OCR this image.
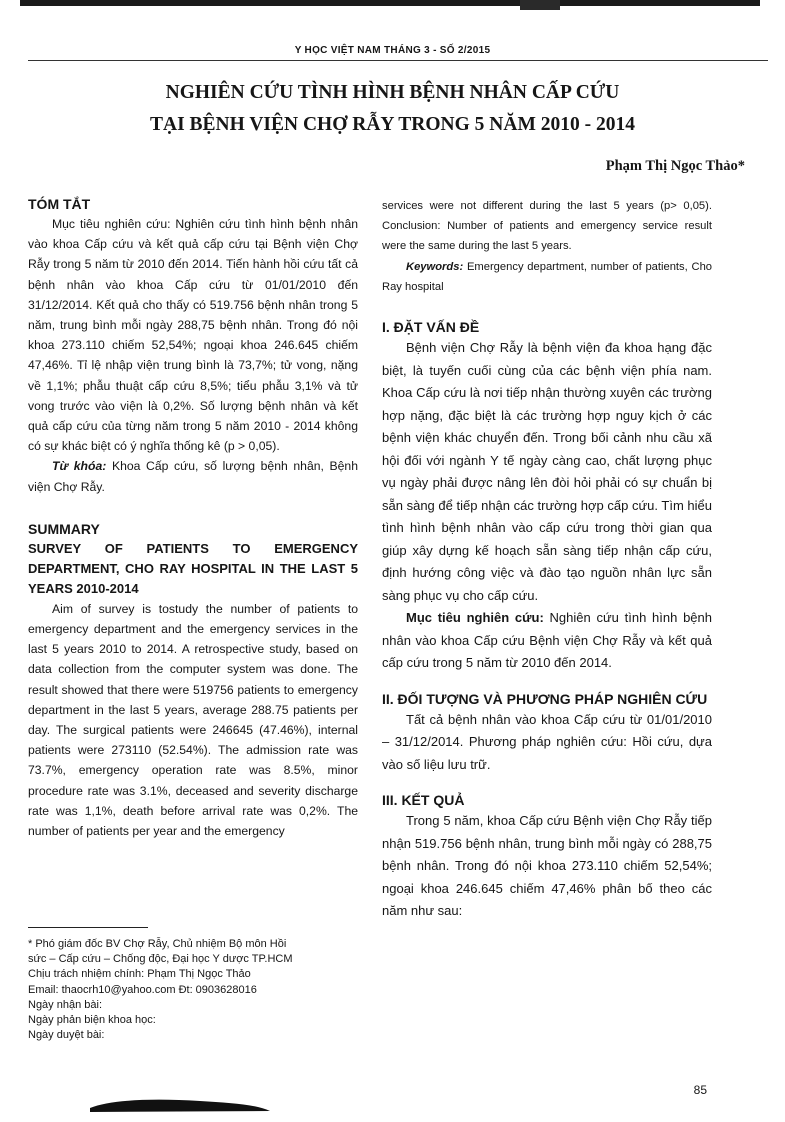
Y HỌC VIỆT NAM THÁNG 3 - SỐ 2/2015
NGHIÊN CỨU TÌNH HÌNH BỆNH NHÂN CẤP CỨU
TẠI BỆNH VIỆN CHỢ RẪY TRONG 5 NĂM 2010 - 2014
Phạm Thị Ngọc Thảo*

TÓM TẮT

Mục tiêu nghiên cứu: Nghiên cứu tình hình bệnh nhân vào khoa Cấp cứu và kết quả cấp cứu tại Bệnh viện Chợ Rẫy trong 5 năm từ 2010 đến 2014. Tiến hành hồi cứu tất cả bệnh nhân vào khoa Cấp cứu từ 01/01/2010 đến 31/12/2014. Kết quả cho thấy có 519.756 bệnh nhân trong 5 năm, trung bình mỗi ngày 288,75 bệnh nhân. Trong đó nội khoa 273.110 chiếm 52,54%; ngoại khoa 246.645 chiếm 47,46%. Tỉ lệ nhập viện trung bình là 73,7%; tử vong, nặng về 1,1%; phẫu thuật cấp cứu 8,5%; tiểu phẫu 3,1% và tử vong trước vào viện là 0,2%. Số lượng bệnh nhân và kết quả cấp cứu của từng năm trong 5 năm 2010 - 2014 không có sự khác biệt có ý nghĩa thống kê (p > 0,05).

Từ khóa: Khoa Cấp cứu, số lượng bệnh nhân, Bệnh viện Chợ Rẫy.

SUMMARY

SURVEY OF PATIENTS TO EMERGENCY DEPARTMENT, CHO RAY HOSPITAL IN THE LAST 5 YEARS 2010-2014

Aim of survey is tostudy the number of patients to emergency department and the emergency services in the last 5 years 2010 to 2014. A retrospective study, based on data collection from the computer system was done. The result showed that there were 519756 patients to emergency department in the last 5 years, average 288.75 patients per day. The surgical patients were 246645 (47.46%), internal patients were 273110 (52.54%). The admission rate was 73.7%, emergency operation rate was 8.5%, minor procedure rate was 3.1%, deceased and severity discharge rate was 1,1%, death before arrival rate was 0,2%. The number of patients per year and the emergency

* Phó giám đốc BV Chợ Rẫy, Chủ nhiệm Bộ môn Hồi
sức – Cấp cứu – Chống độc, Đại học Y dược TP.HCM
Chịu trách nhiệm chính: Phạm Thị Ngọc Thảo
Email: thaocrh10@yahoo.com Đt: 0903628016
Ngày nhận bài:
Ngày phản biện khoa học:
Ngày duyệt bài:

services were not different during the last 5 years (p> 0,05). Conclusion: Number of patients and emergency service result were the same during the last 5 years.

Keywords: Emergency department, number of patients, Cho Ray hospital

I. ĐẶT VẤN ĐỀ

Bệnh viện Chợ Rẫy là bệnh viện đa khoa hạng đặc biệt, là tuyến cuối cùng của các bệnh viện phía nam. Khoa Cấp cứu là nơi tiếp nhận thường xuyên các trường hợp nặng, đặc biệt là các trường hợp nguy kịch ở các bệnh viện khác chuyển đến. Trong bối cảnh nhu cầu xã hội đối với ngành Y tế ngày càng cao, chất lượng phục vụ ngày phải được nâng lên đòi hỏi phải có sự chuẩn bị sẵn sàng để tiếp nhận các trường hợp cấp cứu. Tìm hiểu tình hình bệnh nhân vào cấp cứu trong thời gian qua giúp xây dựng kế hoạch sẵn sàng tiếp nhận cấp cứu, định hướng công việc và đào tạo nguồn nhân lực sẵn sàng phục vụ cho cấp cứu.

Mục tiêu nghiên cứu: Nghiên cứu tình hình bệnh nhân vào khoa Cấp cứu Bệnh viện Chợ Rẫy và kết quả cấp cứu trong 5 năm từ 2010 đến 2014.

II. ĐỐI TƯỢNG VÀ PHƯƠNG PHÁP NGHIÊN CỨU

Tất cả bệnh nhân vào khoa Cấp cứu từ 01/01/2010 – 31/12/2014. Phương pháp nghiên cứu: Hồi cứu, dựa vào số liệu lưu trữ.

III. KẾT QUẢ

Trong 5 năm, khoa Cấp cứu Bệnh viện Chợ Rẫy tiếp nhận 519.756 bệnh nhân, trung bình mỗi ngày có 288,75 bệnh nhân. Trong đó nội khoa 273.110 chiếm 52,54%; ngoại khoa 246.645 chiếm 47,46% phân bố theo các năm như sau:

85
